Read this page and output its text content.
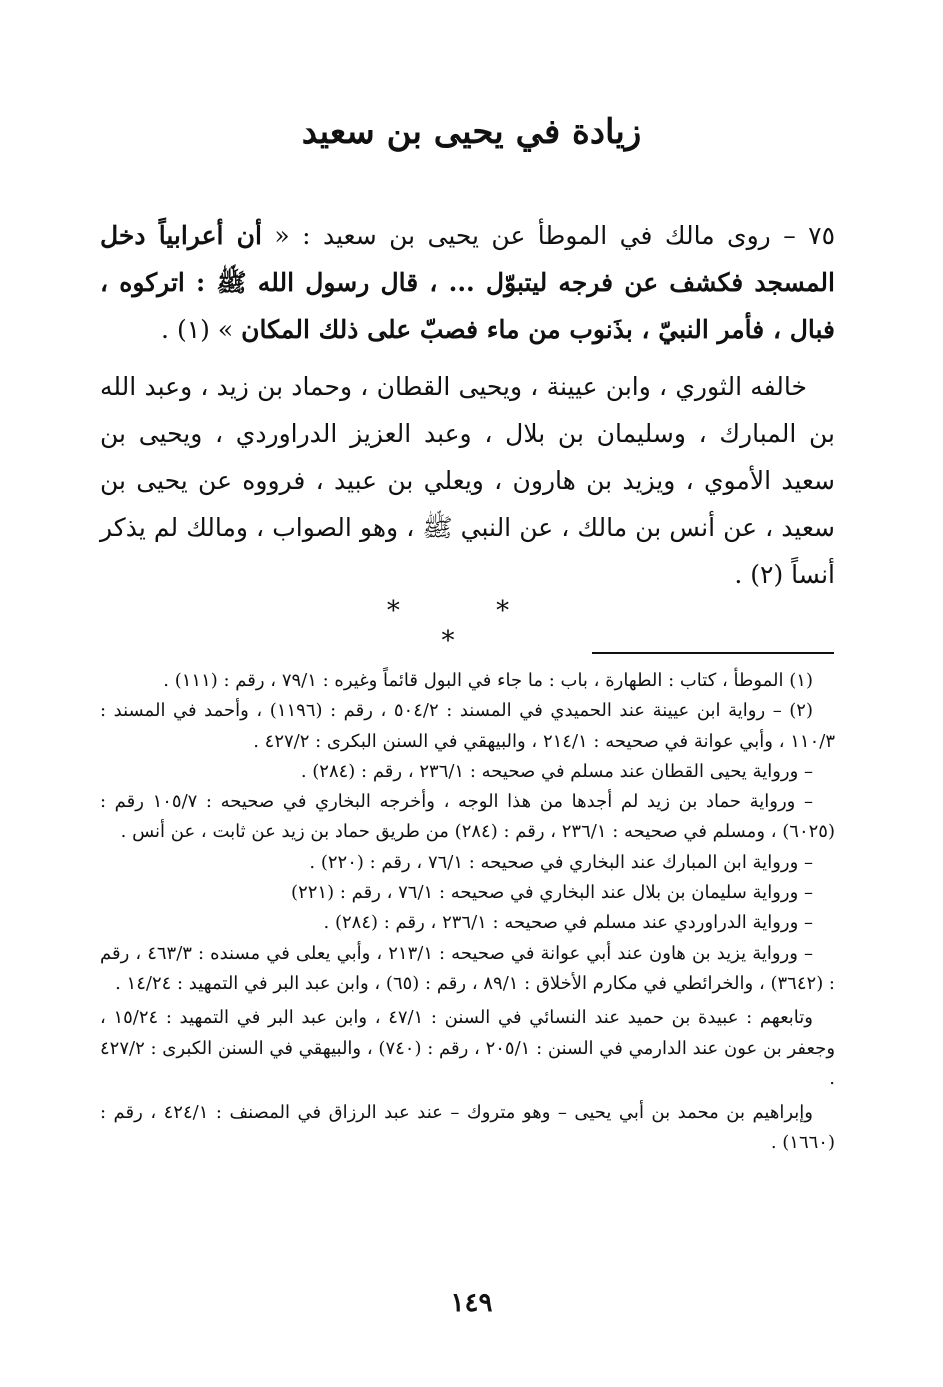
زيادة في يحيى بن سعيد

٧٥ – روى مالك في الموطأ عن يحيى بن سعيد : « أن أعرابياً دخل المسجد فكشف عن فرجه ليتبوّل ... ، قال رسول الله ﷺ : اتركوه ، فبال ، فأمر النبيّ ، بذَنوب من ماء فصبّ على ذلك المكان » (١) .

خالفه الثوري ، وابن عيينة ، ويحيى القطان ، وحماد بن زيد ، وعبد الله بن المبارك ، وسليمان بن بلال ، وعبد العزيز الدراوردي ، ويحيى بن سعيد الأموي ، ويزيد بن هارون ، ويعلي بن عبيد ، فرووه عن يحيى بن سعيد ، عن أنس بن مالك ، عن النبي ﷺ ، وهو الصواب ، ومالك لم يذكر أنساً (٢) .

* * *

(١) الموطأ ، كتاب : الطهارة ، باب : ما جاء في البول قائماً وغيره : ٧٩/١ ، رقم : (١١١) .

(٢) – رواية ابن عيينة عند الحميدي في المسند : ٥٠٤/٢ ، رقم : (١١٩٦) ، وأحمد في المسند : ١١٠/٣ ، وأبي عوانة في صحيحه : ٢١٤/١ ، والبيهقي في السنن البكرى : ٤٢٧/٢ .

– ورواية يحيى القطان عند مسلم في صحيحه : ٢٣٦/١ ، رقم : (٢٨٤) .

– ورواية حماد بن زيد لم أجدها من هذا الوجه ، وأخرجه البخاري في صحيحه : ١٠٥/٧ رقم : (٦٠٢٥) ، ومسلم في صحيحه : ٢٣٦/١ ، رقم : (٢٨٤) من طريق حماد بن زيد عن ثابت ، عن أنس .

– ورواية ابن المبارك عند البخاري في صحيحه : ٧٦/١ ، رقم : (٢٢٠) .

– ورواية سليمان بن بلال عند البخاري في صحيحه : ٧٦/١ ، رقم : (٢٢١)

– ورواية الدراوردي عند مسلم في صحيحه : ٢٣٦/١ ، رقم : (٢٨٤) .

– ورواية يزيد بن هاون عند أبي عوانة في صحيحه : ٢١٣/١ ، وأبي يعلى في مسنده : ٤٦٣/٣ ، رقم : (٣٦٤٢) ، والخرائطي في مكارم الأخلاق : ٨٩/١ ، رقم : (٦٥) ، وابن عبد البر في التمهيد : ١٤/٢٤ .

وتابعهم : عبيدة بن حميد عند النسائي في السنن : ٤٧/١ ، وابن عبد البر في التمهيد : ١٥/٢٤ ، وجعفر بن عون عند الدارمي في السنن : ٢٠٥/١ ، رقم : (٧٤٠) ، والبيهقي في السنن الكبرى : ٤٢٧/٢ .

وإبراهيم بن محمد بن أبي يحيى – وهو متروك – عند عبد الرزاق في المصنف : ٤٢٤/١ ، رقم : (١٦٦٠) .

١٤٩
